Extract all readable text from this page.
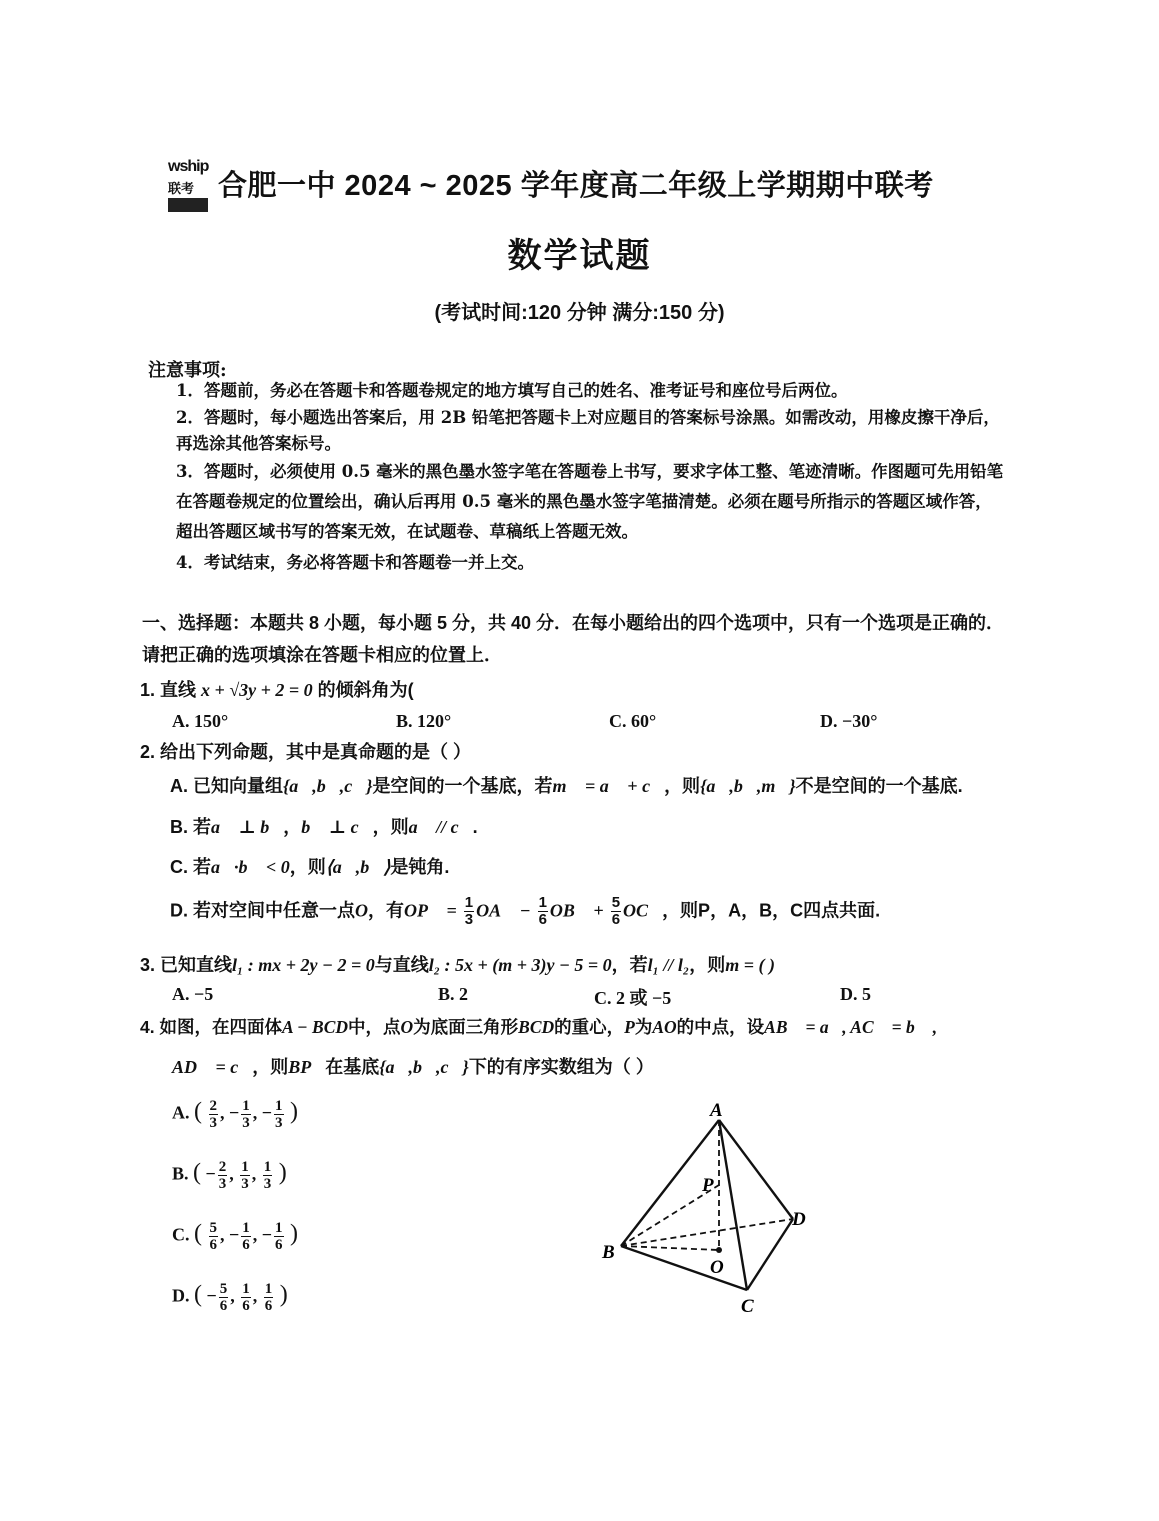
wship
联考 合肥一中 2024 ~ 2025 学年度高二年级上学期期中联考
数学试题
(考试时间:120 分钟 满分:150 分)
注意事项:
1．答题前，务必在答题卡和答题卷规定的地方填写自己的姓名、准考证号和座位号后两位。
2．答题时，每小题选出答案后，用 2B 铅笔把答题卡上对应题目的答案标号涂黑。如需改动，用橡皮擦干净后，再选涂其他答案标号。
3．答题时，必须使用 0.5 毫米的黑色墨水签字笔在答题卷上书写，要求字体工整、笔迹清晰。作图题可先用铅笔在答题卷规定的位置绘出，确认后再用 0.5 毫米的黑色墨水签字笔描清楚。必须在题号所指示的答题区域作答，超出答题区域书写的答案无效，在试题卷、草稿纸上答题无效。
4．考试结束，务必将答题卡和答题卷一并上交。
一、选择题：本题共 8 小题，每小题 5 分，共 40 分．在每小题给出的四个选项中，只有一个选项是正确的．请把正确的选项填涂在答题卡相应的位置上．
1. 直线 x + √3y + 2 = 0 的倾斜角为(
A. 150°	B. 120°	C. 60°	D. −30°
2. 给出下列命题，其中是真命题的是（ ）
A. 已知向量组{a⃗,b⃗,c⃗}是空间的一个基底，若m⃗ = a⃗ + c⃗，则{a⃗,b⃗,m⃗}不是空间的一个基底.
B. 若a⃗ ⊥ b⃗，b⃗ ⊥ c⃗，则a⃗ // c⃗.
C. 若a⃗·b⃗ < 0，则⟨a⃗,b⃗⟩是钝角.
D. 若对空间中任意一点O，有OP⃗ = $\frac{1}{3}$ OA⃗ − $\frac{1}{6}$ OB⃗ + $\frac{5}{6}$ OC⃗，则P，A，B，C四点共面.
3. 已知直线l₁ : mx + 2y − 2 = 0与直线l₂ : 5x + (m + 3)y − 5 = 0，若l₁ // l₂，则m = ( )
A. −5	B. 2	C. 2 或 −5	D. 5
4. 如图，在四面体A − BCD中，点O为底面三角形BCD的重心，P为AO的中点，设AB⃗ = a⃗, AC⃗ = b⃗ ,
AD⃗ = c⃗，则BP⃗在基底{a⃗,b⃗,c⃗}下的有序实数组为（ ）
A. ( $\frac{2}{3}$ , − $\frac{1}{3}$ , − $\frac{1}{3}$ )
B. ( − $\frac{2}{3}$ , $\frac{1}{3}$ , $\frac{1}{3}$ )
C. ( $\frac{5}{6}$ , − $\frac{1}{6}$ , − $\frac{1}{6}$ )
D. ( − $\frac{5}{6}$ , $\frac{1}{6}$ , $\frac{1}{6}$ )
A
B
C
D
P
O
